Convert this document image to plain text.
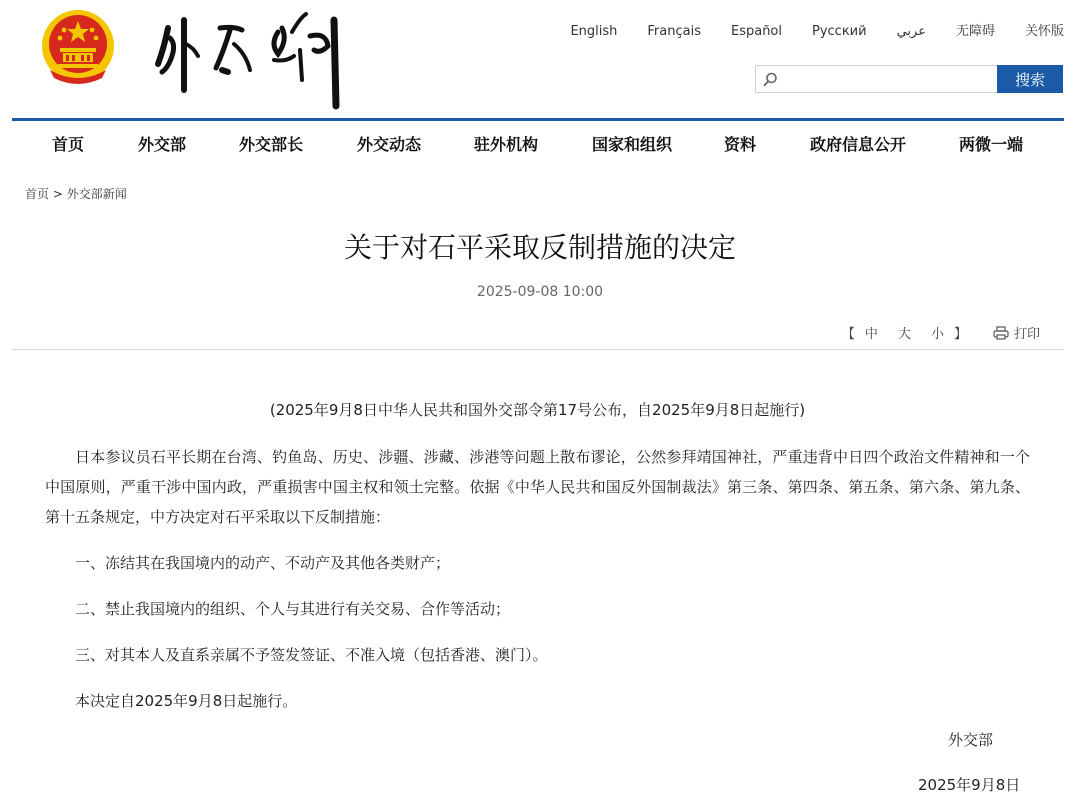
English Français Español Русский عربي 无障碍 关怀版
搜索
首页	外交部	外交部长	外交动态	驻外机构	国家和组织	资料	政府信息公开	两微一端
首页 > 外交部新闻
关于对石平采取反制措施的决定
2025-09-08 10:00
【 中 大 小 】	打印

(2025年9月8日中华人民共和国外交部令第17号公布，自2025年9月8日起施行)

日本参议员石平长期在台湾、钓鱼岛、历史、涉疆、涉藏、涉港等问题上散布谬论，公然参拜靖国神社，严重违背中日四个政治文件精神和一个中国原则，严重干涉中国内政，严重损害中国主权和领土完整。依据《中华人民共和国反外国制裁法》第三条、第四条、第五条、第六条、第九条、第十五条规定，中方决定对石平采取以下反制措施：

一、冻结其在我国境内的动产、不动产及其他各类财产；

二、禁止我国境内的组织、个人与其进行有关交易、合作等活动；

三、对其本人及直系亲属不予签发签证、不准入境（包括香港、澳门）。

本决定自2025年9月8日起施行。

外交部
2025年9月8日
